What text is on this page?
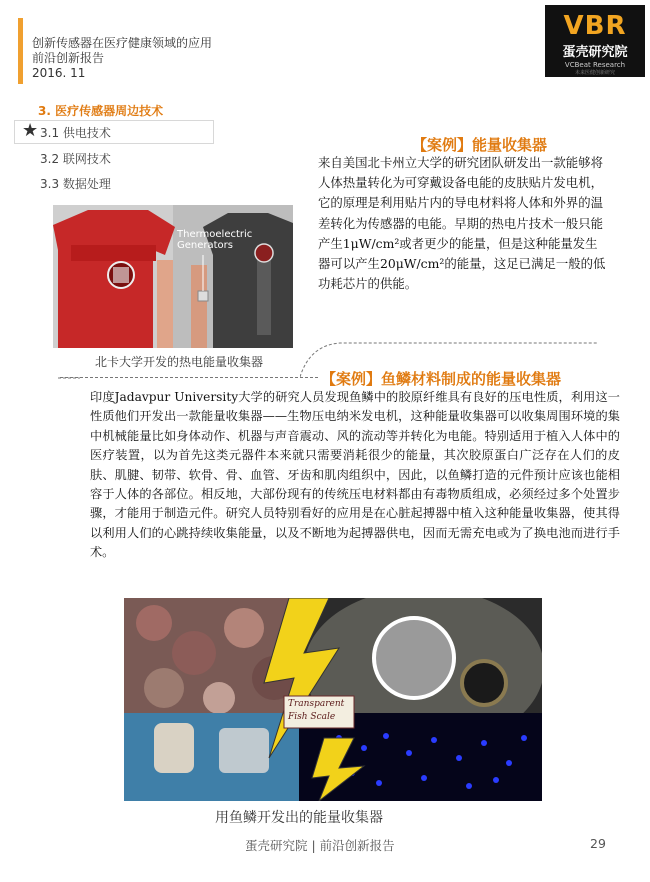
创新传感器在医疗健康领域的应用
前沿创新报告
2016. 11
VBR
蛋壳研究院
VCBeat Research
未来医健创新研究
3. 医疗传感器周边技术
★ 3.1 供电技术
3.2 联网技术
3.3 数据处理
【案例】能量收集器
来自美国北卡州立大学的研究团队研发出一款能够将人体热量转化为可穿戴设备电能的皮肤贴片发电机，它的原理是利用贴片内的导电材料将人体和外界的温差转化为传感器的电能。早期的热电片技术一般只能产生1μW/cm²或者更少的能量，但是这种能量发生器可以产生20μW/cm²的能量，这足已满足一般的低功耗芯片的供能。
Thermoelectric Generators
北卡大学开发的热电能量收集器
【案例】鱼鳞材料制成的能量收集器
印度Jadavpur University大学的研究人员发现鱼鳞中的胶原纤维具有良好的压电性质，利用这一性质他们开发出一款能量收集器——生物压电纳米发电机，这种能量收集器可以收集周围环境的集中机械能量比如身体动作、机器与声音震动、风的流动等并转化为电能。特别适用于植入人体中的医疗装置，以为首先这类元器件本来就只需要消耗很少的能量，其次胶原蛋白广泛存在人们的皮肤、肌腱、韧带、软骨、骨、血管、牙齿和肌肉组织中，因此，以鱼鳞打造的元件预计应该也能相容于人体的各部位。相反地，大部份现有的传统压电材料都由有毒物质组成，必须经过多个处置步骤，才能用于制造元件。研究人员特别看好的应用是在心脏起搏器中植入这种能量收集器，使其得以利用人们的心跳持续收集能量，以及不断地为起搏器供电，因而无需充电或为了换电池而进行手术。
Transparent Fish Scale
用鱼鳞开发出的能量收集器
蛋壳研究院 | 前沿创新报告	29
